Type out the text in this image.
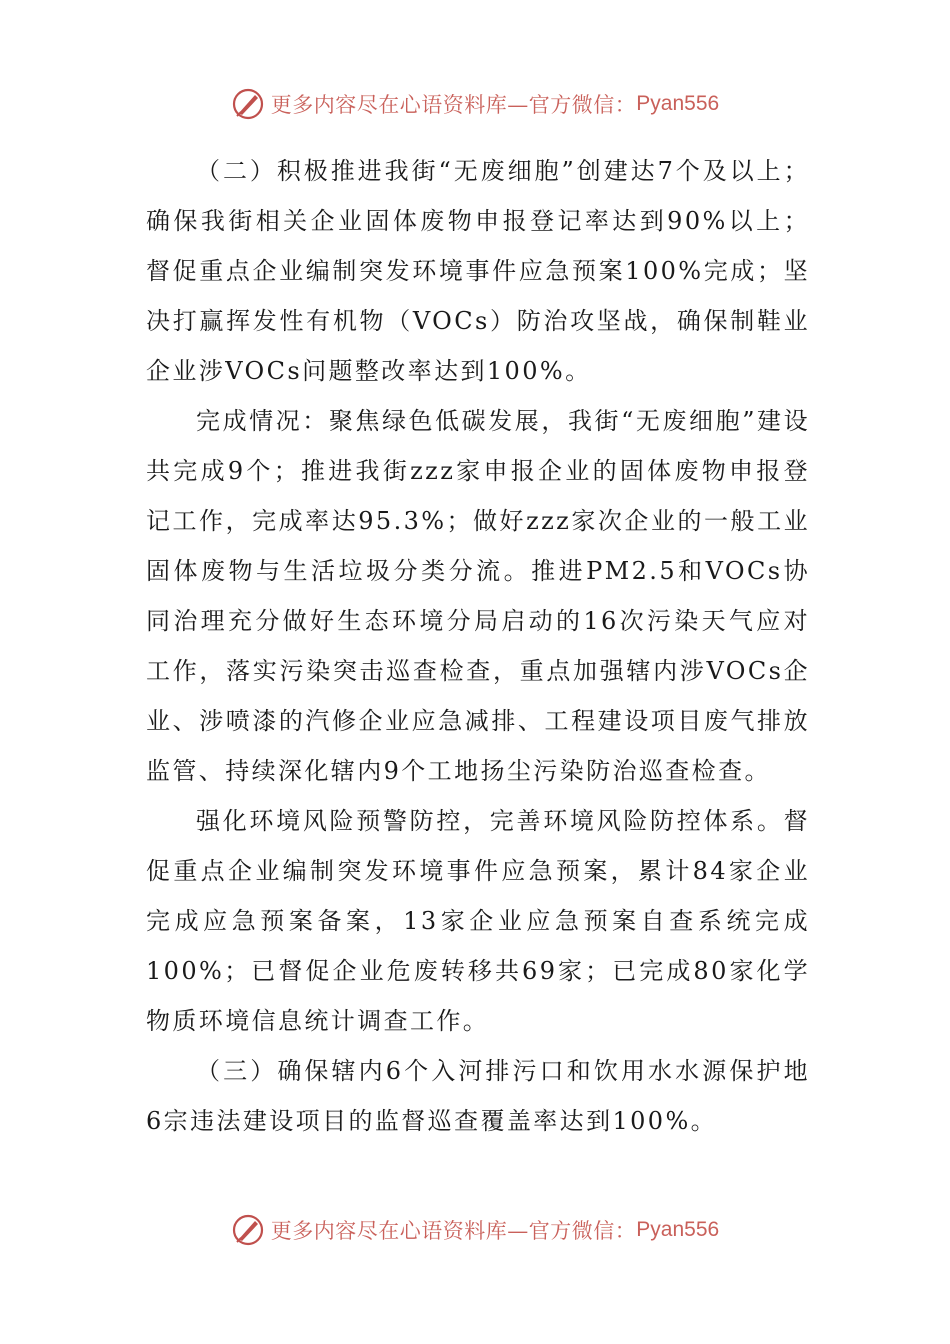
更多内容尽在心语资料库—官方微信： Pyan556

（二）积极推进我街“无废细胞”创建达7个及以上；确保我街相关企业固体废物申报登记率达到90%以上；督促重点企业编制突发环境事件应急预案100%完成；坚决打赢挥发性有机物（VOCs）防治攻坚战，确保制鞋业企业涉VOCs问题整改率达到100%。

完成情况：聚焦绿色低碳发展，我街“无废细胞”建设共完成9个；推进我街zzz家申报企业的固体废物申报登记工作，完成率达95.3%；做好zzz家次企业的一般工业固体废物与生活垃圾分类分流。推进PM2.5和VOCs协同治理充分做好生态环境分局启动的16次污染天气应对工作，落实污染突击巡查检查，重点加强辖内涉VOCs企业、涉喷漆的汽修企业应急减排、工程建设项目废气排放监管、持续深化辖内9个工地扬尘污染防治巡查检查。

强化环境风险预警防控，完善环境风险防控体系。督促重点企业编制突发环境事件应急预案，累计84家企业完成应急预案备案，13家企业应急预案自查系统完成100%；已督促企业危废转移共69家；已完成80家化学物质环境信息统计调查工作。

（三）确保辖内6个入河排污口和饮用水水源保护地6宗违法建设项目的监督巡查覆盖率达到100%。

更多内容尽在心语资料库—官方微信： Pyan556
